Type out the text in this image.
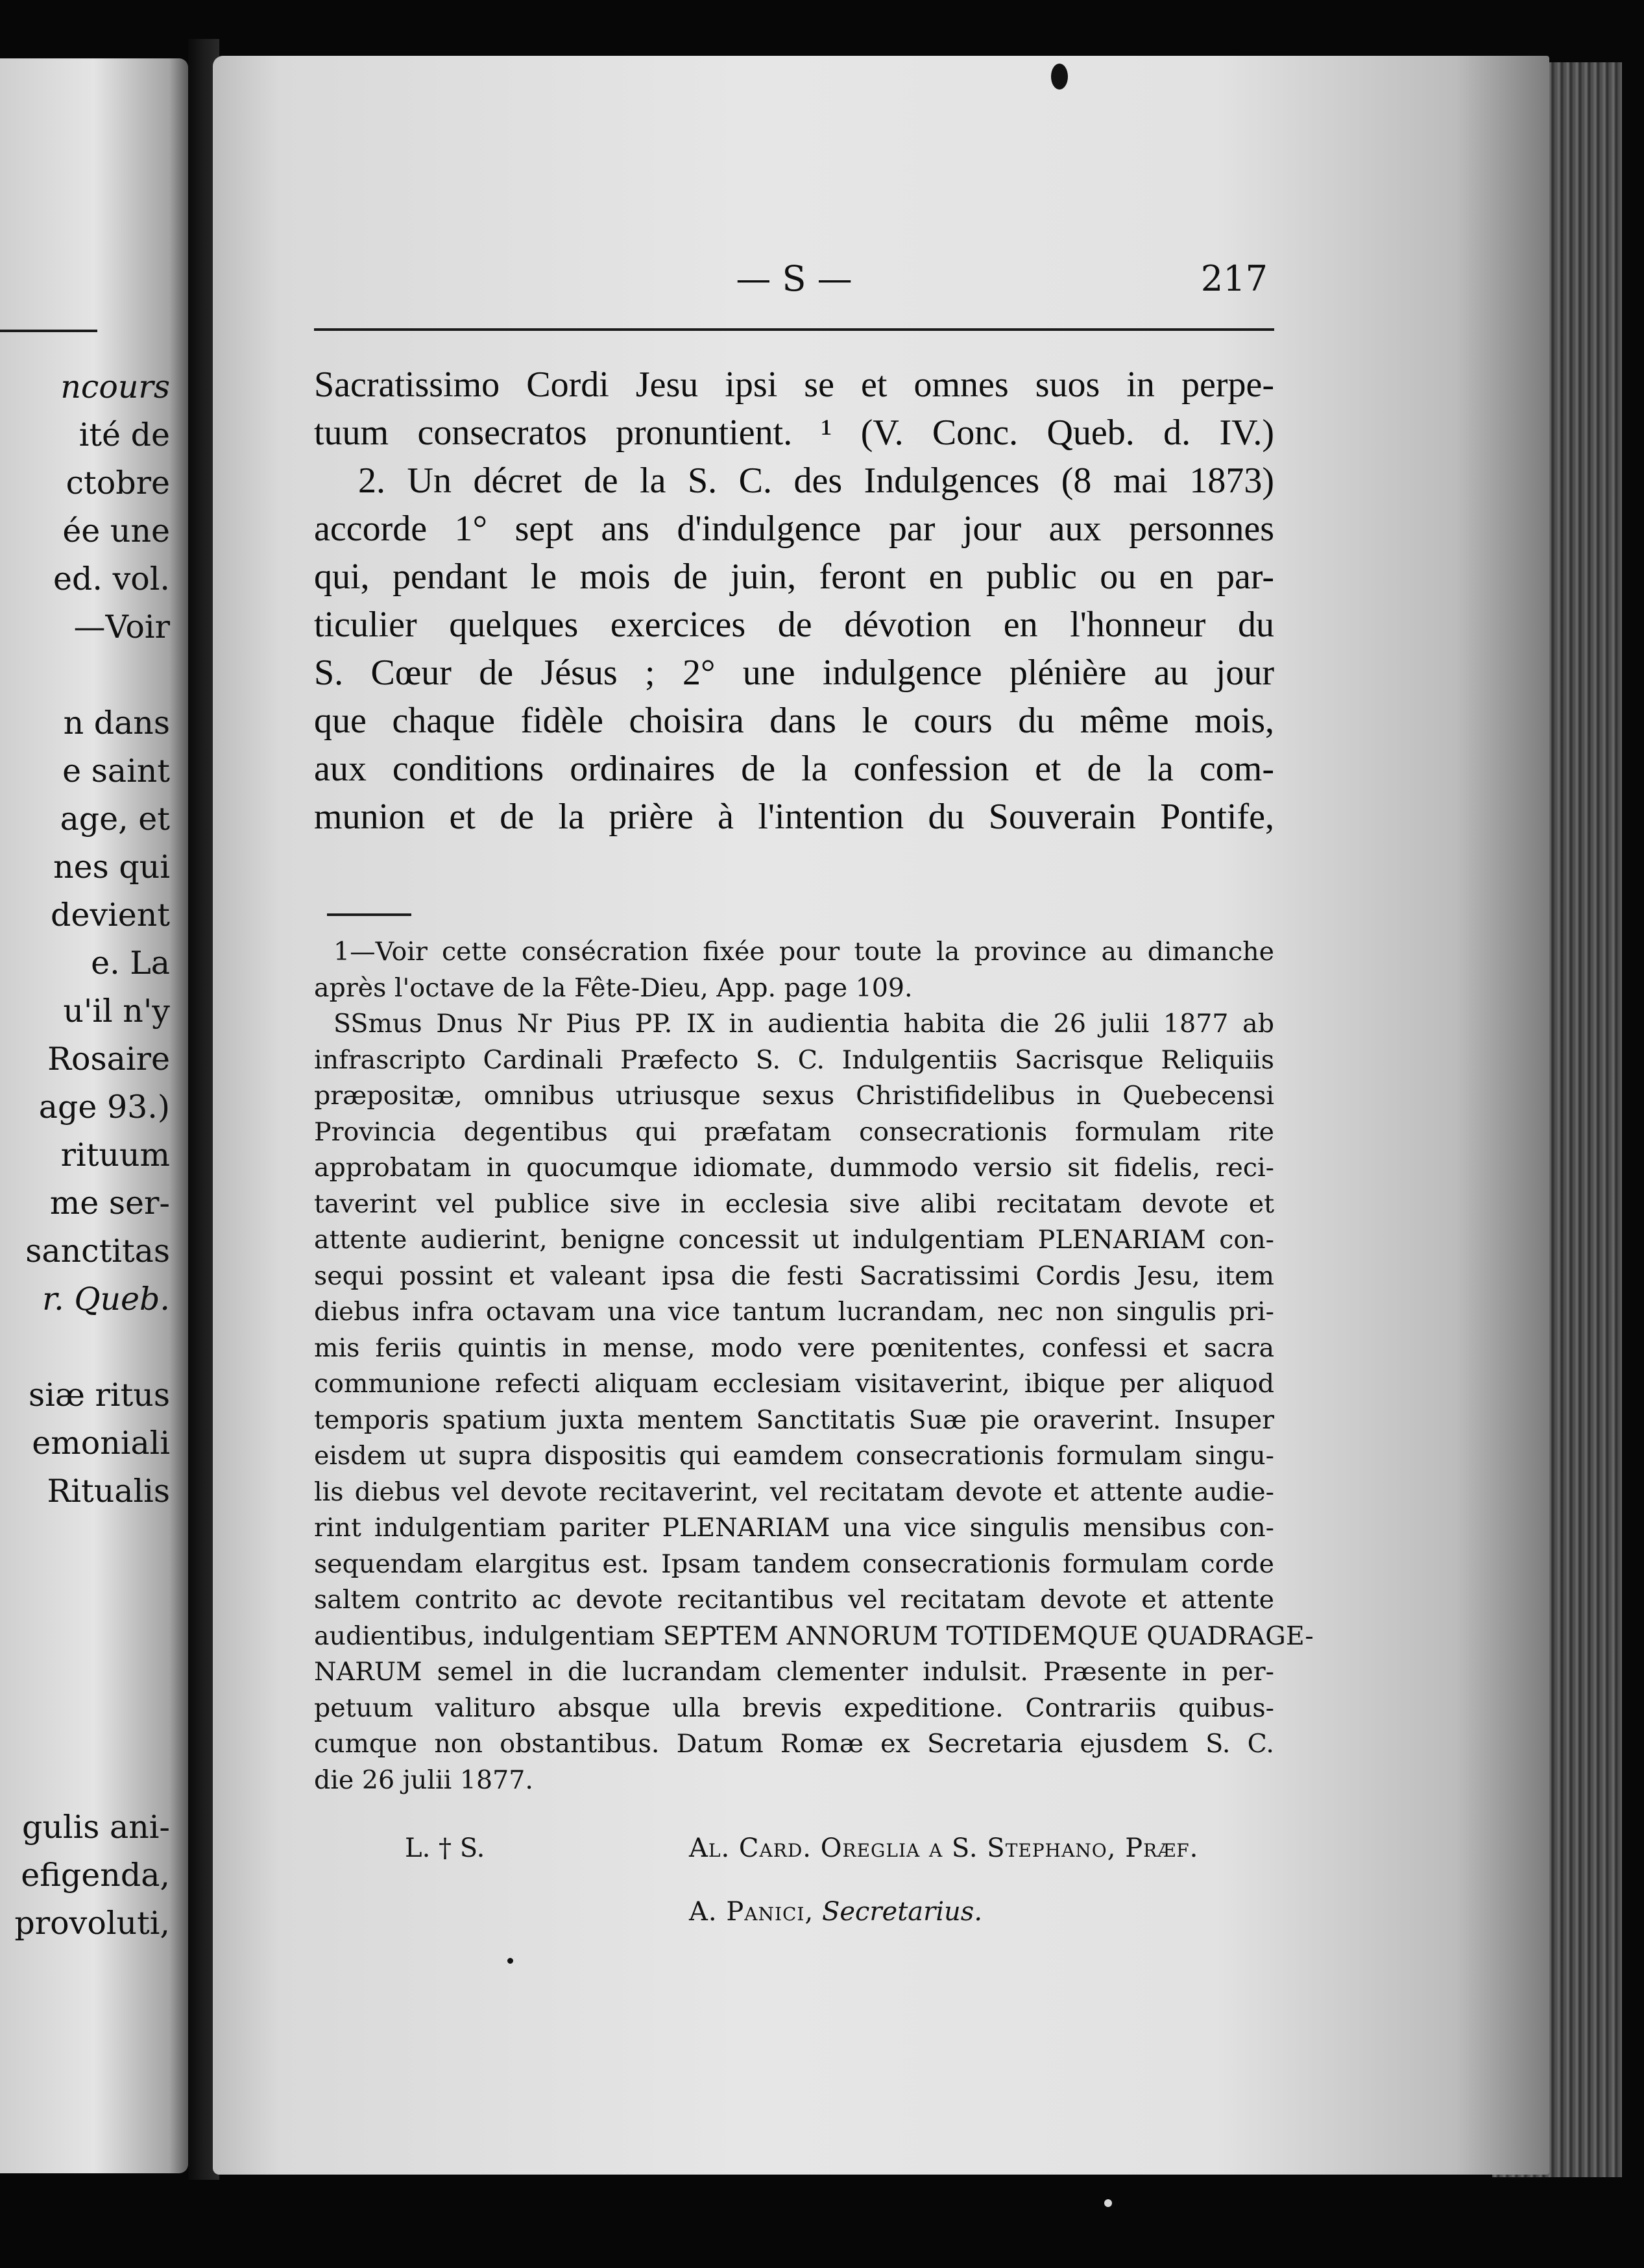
ncours
ité de
ctobre
ée une
ed. vol.
—Voir
n dans
e saint
age, et
nes qui
devient
e. La
u'il n'y
Rosaire
age 93.)
rituum
me ser-
sanctitas
r. Queb.
siæ ritus
emoniali
Ritualis
gulis ani-
efigenda,
provoluti,
— S —	217
Sacratissimo Cordi Jesu ipsi se et omnes suos in perpe-
tuum consecratos pronuntient. ¹ (V. Conc. Queb. d. IV.)
2. Un décret de la S. C. des Indulgences (8 mai 1873)
accorde 1° sept ans d'indulgence par jour aux personnes
qui, pendant le mois de juin, feront en public ou en par-
ticulier quelques exercices de dévotion en l'honneur du
S. Cœur de Jésus ; 2° une indulgence plénière au jour
que chaque fidèle choisira dans le cours du même mois,
aux conditions ordinaires de la confession et de la com-
munion et de la prière à l'intention du Souverain Pontife,
1—Voir cette consécration fixée pour toute la province au dimanche
après l'octave de la Fête-Dieu, App. page 109.
SSmus Dnus Nr Pius PP. IX in audientia habita die 26 julii 1877 ab
infrascripto Cardinali Præfecto S. C. Indulgentiis Sacrisque Reliquiis
præpositæ, omnibus utriusque sexus Christifidelibus in Quebecensi
Provincia degentibus qui præfatam consecrationis formulam rite
approbatam in quocumque idiomate, dummodo versio sit fidelis, reci-
taverint vel publice sive in ecclesia sive alibi recitatam devote et
attente audierint, benigne concessit ut indulgentiam PLENARIAM con-
sequi possint et valeant ipsa die festi Sacratissimi Cordis Jesu, item
diebus infra octavam una vice tantum lucrandam, nec non singulis pri-
mis feriis quintis in mense, modo vere pœnitentes, confessi et sacra
communione refecti aliquam ecclesiam visitaverint, ibique per aliquod
temporis spatium juxta mentem Sanctitatis Suæ pie oraverint. Insuper
eisdem ut supra dispositis qui eamdem consecrationis formulam singu-
lis diebus vel devote recitaverint, vel recitatam devote et attente audie-
rint indulgentiam pariter PLENARIAM una vice singulis mensibus con-
sequendam elargitus est. Ipsam tandem consecrationis formulam corde
saltem contrito ac devote recitantibus vel recitatam devote et attente
audientibus, indulgentiam SEPTEM ANNORUM TOTIDEMQUE QUADRAGE-
NARUM semel in die lucrandam clementer indulsit. Præsente in per-
petuum valituro absque ulla brevis expeditione. Contrariis quibus-
cumque non obstantibus. Datum Romæ ex Secretaria ejusdem S. C.
die 26 julii 1877.
L. † S.	Al. Card. Oreglia a S. Stephano, Præf.
A. Panici, Secretarius.
